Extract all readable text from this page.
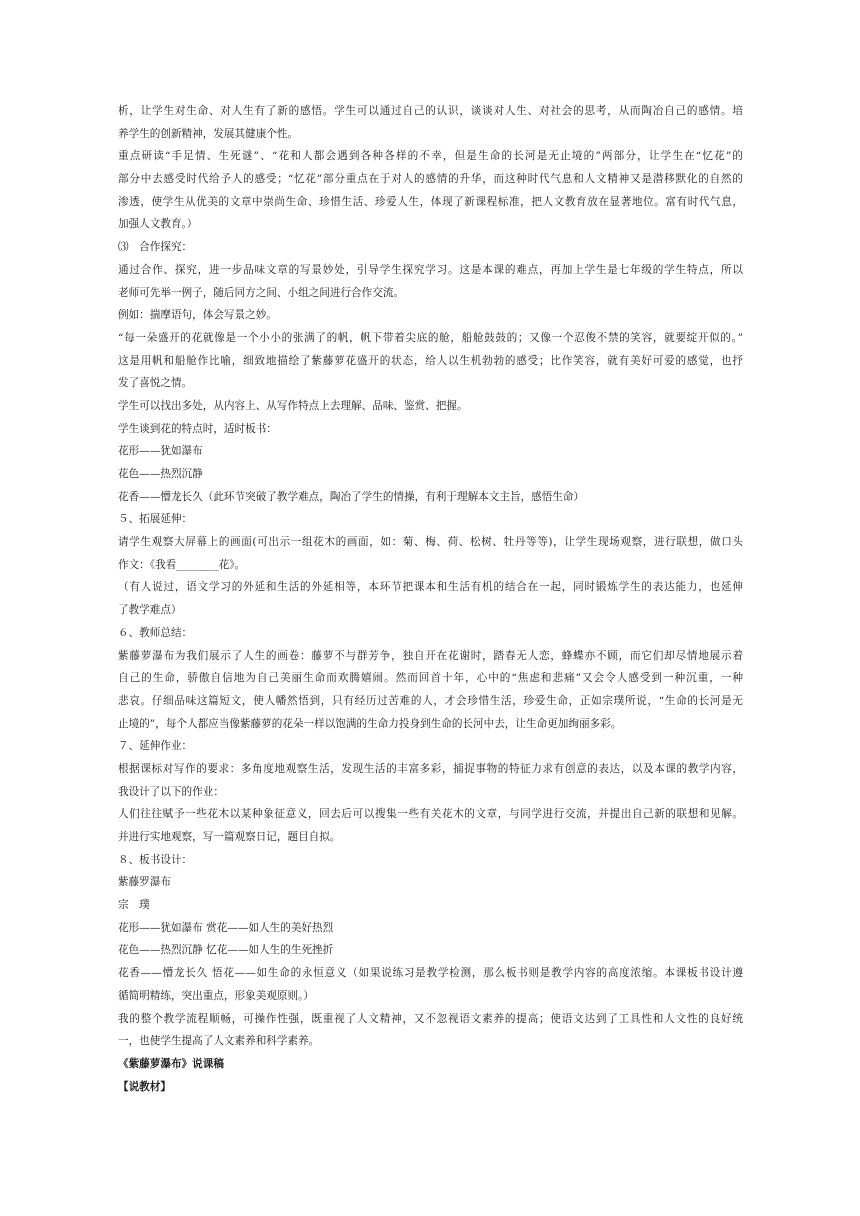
析，让学生对生命、对人生有了新的感悟。学生可以通过自己的认识，谈谈对人生、对社会的思考，从而陶冶自己的感情。培
养学生的创新精神，发展其健康个性。
重点研读“手足情、生死谜”、“花和人都会遇到各种各样的不幸，但是生命的长河是无止境的”两部分，让学生在“忆花”的
部分中去感受时代给予人的感受；“忆花”部分重点在于对人的感情的升华，而这种时代气息和人文精神又是潜移默化的自然的
渗透，使学生从优美的文章中崇尚生命、珍惜生活、珍爱人生，体现了新课程标准，把人文教育放在显著地位。富有时代气息，
加强人文教育。）
⑶　合作探究：
通过合作、探究，进一步品味文章的写景妙处，引导学生探究学习。这是本课的难点，再加上学生是七年级的学生特点，所以
老师可先举一例子，随后同方之间、小组之间进行合作交流。
例如：揣摩语句，体会写景之妙。
“每一朵盛开的花就像是一个小小的张满了的帆，帆下带着尖底的舱，船舱鼓鼓的；又像一个忍俊不禁的笑容，就要绽开似的。”
这是用帆和船舱作比喻，细致地描绘了紫藤萝花盛开的状态，给人以生机勃勃的感受；比作笑容，就有美好可爱的感觉，也抒
发了喜悦之情。
学生可以找出多处，从内容上、从写作特点上去理解、品味、鉴赏、把握。
学生谈到花的特点时，适时板书：
花形——犹如瀑布
花色——热烈沉静
花香——懵龙长久（此环节突破了教学难点，陶冶了学生的情操，有利于理解本文主旨，感悟生命）
５、拓展延伸：
请学生观察大屏幕上的画面(可出示一组花木的画面，如：菊、梅、荷、松树、牡丹等等)，让学生现场观察，进行联想，做口头
作文：《我看________花》。
（有人说过，语文学习的外延和生活的外延相等，本环节把课本和生活有机的结合在一起，同时锻炼学生的表达能力，也延伸
了教学难点）
６、教师总结：
紫藤萝瀑布为我们展示了人生的画卷：藤萝不与群芳争，独自开在花谢时，踏春无人恋，蜂蝶亦不顾，而它们却尽情地展示着
自己的生命，骄傲自信地为自己美丽生命而欢腾嬉闹。然而回首十年，心中的“焦虑和悲痛”又会令人感受到一种沉重，一种
悲哀。仔细品味这篇短文，使人幡然悟到，只有经历过苦难的人，才会珍惜生活，珍爱生命，正如宗璞所说，“生命的长河是无
止境的”，每个人都应当像紫藤萝的花朵一样以饱满的生命力投身到生命的长河中去，让生命更加绚丽多彩。
７、延伸作业：
根据课标对写作的要求：多角度地观察生活，发现生活的丰富多彩，捕捉事物的特征力求有创意的表达，以及本课的教学内容，
我设计了以下的作业：
人们往往赋予一些花木以某种象征意义，回去后可以搜集一些有关花木的文章，与同学进行交流，并提出自己新的联想和见解。
并进行实地观察，写一篇观察日记，题目自拟。
８、板书设计：
紫藤罗瀑布
宗　璞
花形——犹如瀑布 赏花——如人生的美好热烈
花色——热烈沉静 忆花——如人生的生死挫折
花香——懵龙长久 悟花——如生命的永恒意义（如果说练习是教学检测，那么板书则是教学内容的高度浓缩。本课板书设计遵
循简明精练，突出重点，形象美观原则。）
我的整个教学流程顺畅，可操作性强，既重视了人文精神，又不忽视语文素养的提高；使语文达到了工具性和人文性的良好统
一，也使学生提高了人文素养和科学素养。
《紫藤萝瀑布》说课稿
【说教材】
